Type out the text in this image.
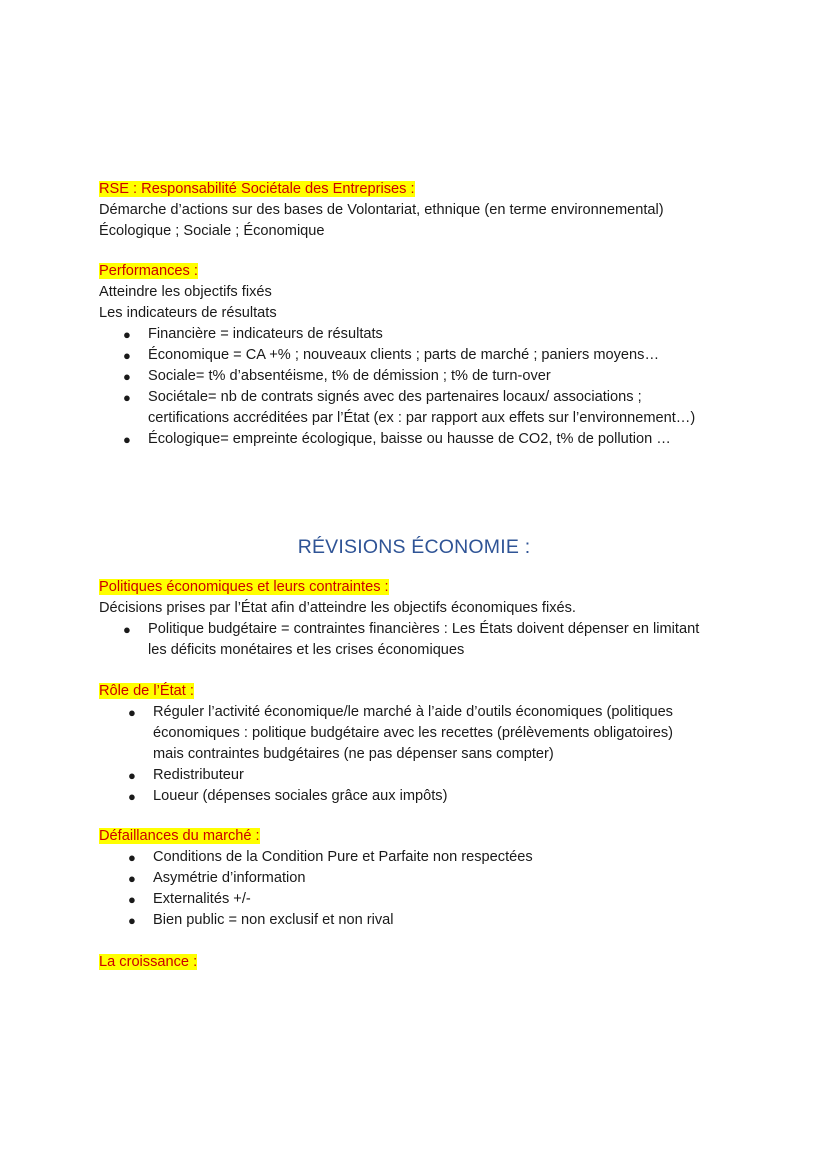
RSE : Responsabilité Sociétale des Entreprises :
Démarche d’actions sur des bases de Volontariat, ethnique (en terme environnemental)
Écologique ; Sociale ; Économique
Performances :
Atteindre les objectifs fixés
Les indicateurs de résultats
● Financière = indicateurs de résultats
● Économique = CA +% ; nouveaux clients ; parts de marché ; paniers moyens…
● Sociale= t% d’absentéisme, t% de démission ; t% de turn-over
● Sociétale= nb de contrats signés avec des partenaires locaux/ associations ;
certifications accréditées par l’État (ex : par rapport aux effets sur l’environnement…)
● Écologique= empreinte écologique, baisse ou hausse de CO2, t% de pollution …
RÉVISIONS ÉCONOMIE :
Politiques économiques et leurs contraintes :
Décisions prises par l’État afin d’atteindre les objectifs économiques fixés.
● Politique budgétaire = contraintes financières : Les États doivent dépenser en limitant
les déficits monétaires et les crises économiques
Rôle de l’État :
● Réguler l’activité économique/le marché à l’aide d’outils économiques (politiques
économiques : politique budgétaire avec les recettes (prélèvements obligatoires)
mais contraintes budgétaires (ne pas dépenser sans compter)
● Redistributeur
● Loueur (dépenses sociales grâce aux impôts)
Défaillances du marché :
● Conditions de la Condition Pure et Parfaite non respectées
● Asymétrie d’information
● Externalités +/-
● Bien public = non exclusif et non rival
La croissance :
